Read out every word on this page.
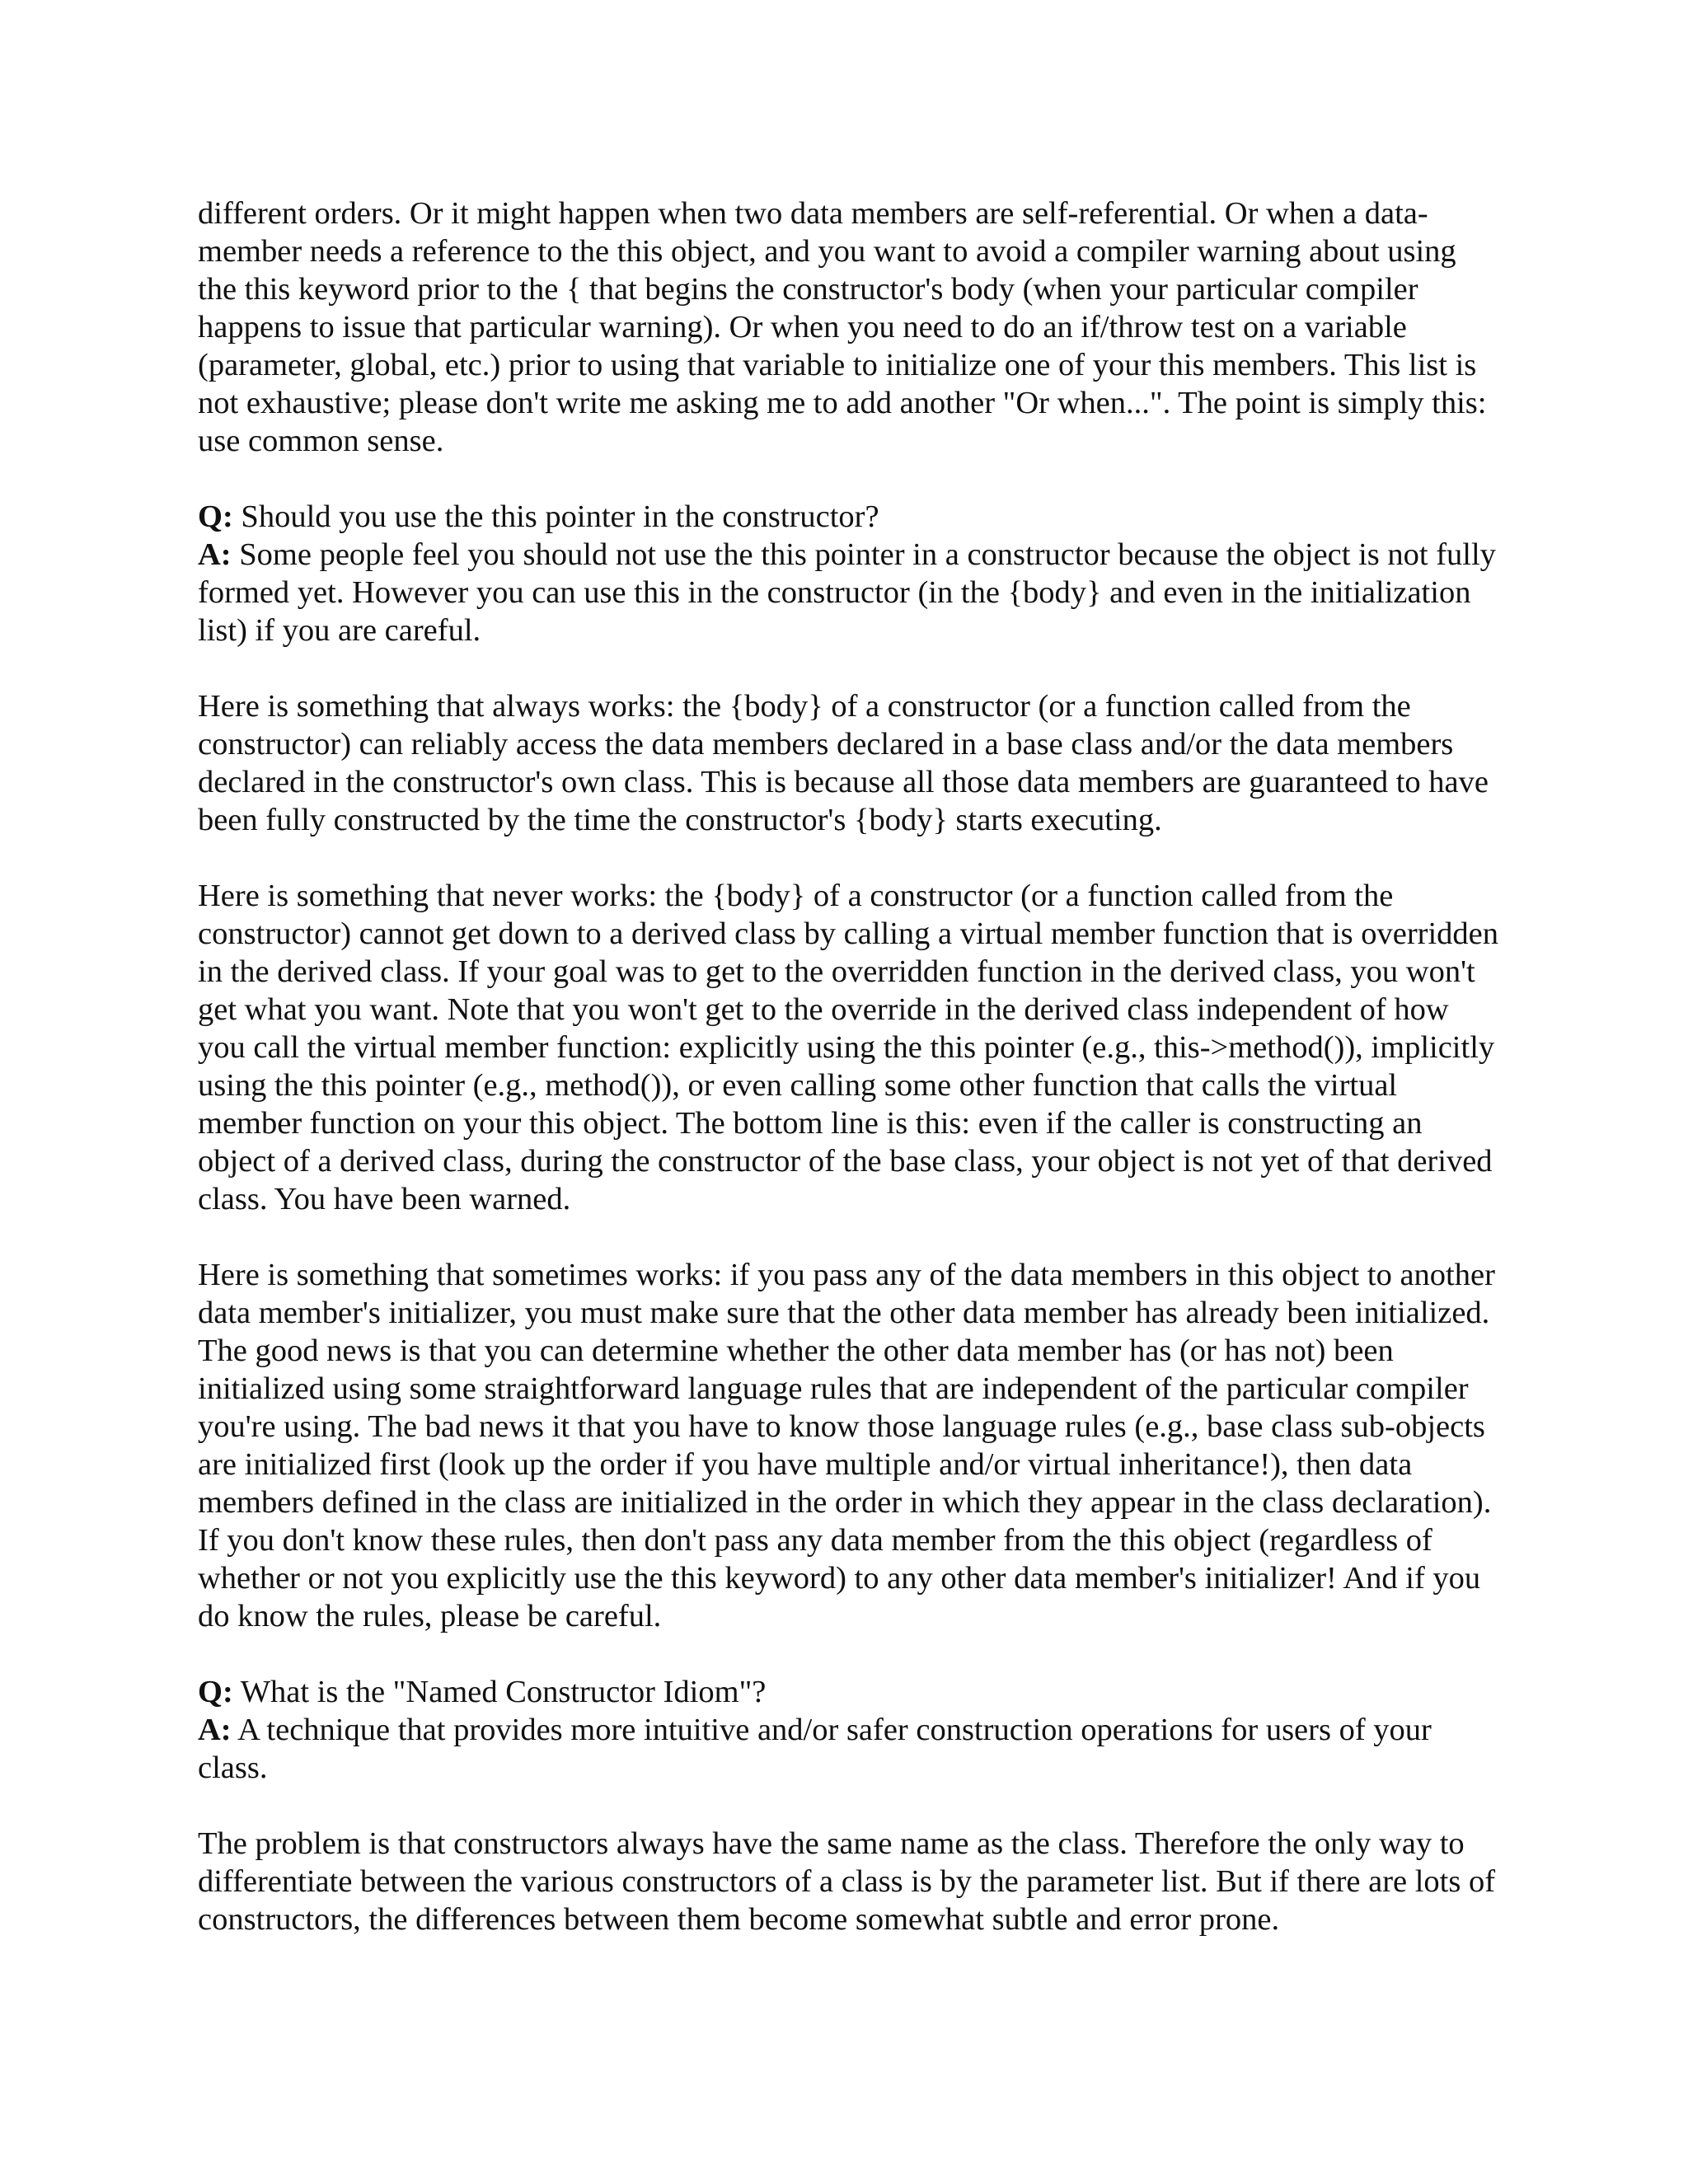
different orders. Or it might happen when two data members are self-referential. Or when a data-member needs a reference to the this object, and you want to avoid a compiler warning about using the this keyword prior to the { that begins the constructor's body (when your particular compiler happens to issue that particular warning). Or when you need to do an if/throw test on a variable (parameter, global, etc.) prior to using that variable to initialize one of your this members. This list is not exhaustive; please don't write me asking me to add another "Or when...". The point is simply this: use common sense.

Q: Should you use the this pointer in the constructor?

A: Some people feel you should not use the this pointer in a constructor because the object is not fully formed yet. However you can use this in the constructor (in the {body} and even in the initialization list) if you are careful.

Here is something that always works: the {body} of a constructor (or a function called from the constructor) can reliably access the data members declared in a base class and/or the data members declared in the constructor's own class. This is because all those data members are guaranteed to have been fully constructed by the time the constructor's {body} starts executing.

Here is something that never works: the {body} of a constructor (or a function called from the constructor) cannot get down to a derived class by calling a virtual member function that is overridden in the derived class. If your goal was to get to the overridden function in the derived class, you won't get what you want. Note that you won't get to the override in the derived class independent of how you call the virtual member function: explicitly using the this pointer (e.g., this->method()), implicitly using the this pointer (e.g., method()), or even calling some other function that calls the virtual member function on your this object. The bottom line is this: even if the caller is constructing an object of a derived class, during the constructor of the base class, your object is not yet of that derived class. You have been warned.

Here is something that sometimes works: if you pass any of the data members in this object to another data member's initializer, you must make sure that the other data member has already been initialized. The good news is that you can determine whether the other data member has (or has not) been initialized using some straightforward language rules that are independent of the particular compiler you're using. The bad news it that you have to know those language rules (e.g., base class sub-objects are initialized first (look up the order if you have multiple and/or virtual inheritance!), then data members defined in the class are initialized in the order in which they appear in the class declaration). If you don't know these rules, then don't pass any data member from the this object (regardless of whether or not you explicitly use the this keyword) to any other data member's initializer! And if you do know the rules, please be careful.

Q: What is the "Named Constructor Idiom"?

A: A technique that provides more intuitive and/or safer construction operations for users of your class.

The problem is that constructors always have the same name as the class. Therefore the only way to differentiate between the various constructors of a class is by the parameter list. But if there are lots of constructors, the differences between them become somewhat subtle and error prone.
